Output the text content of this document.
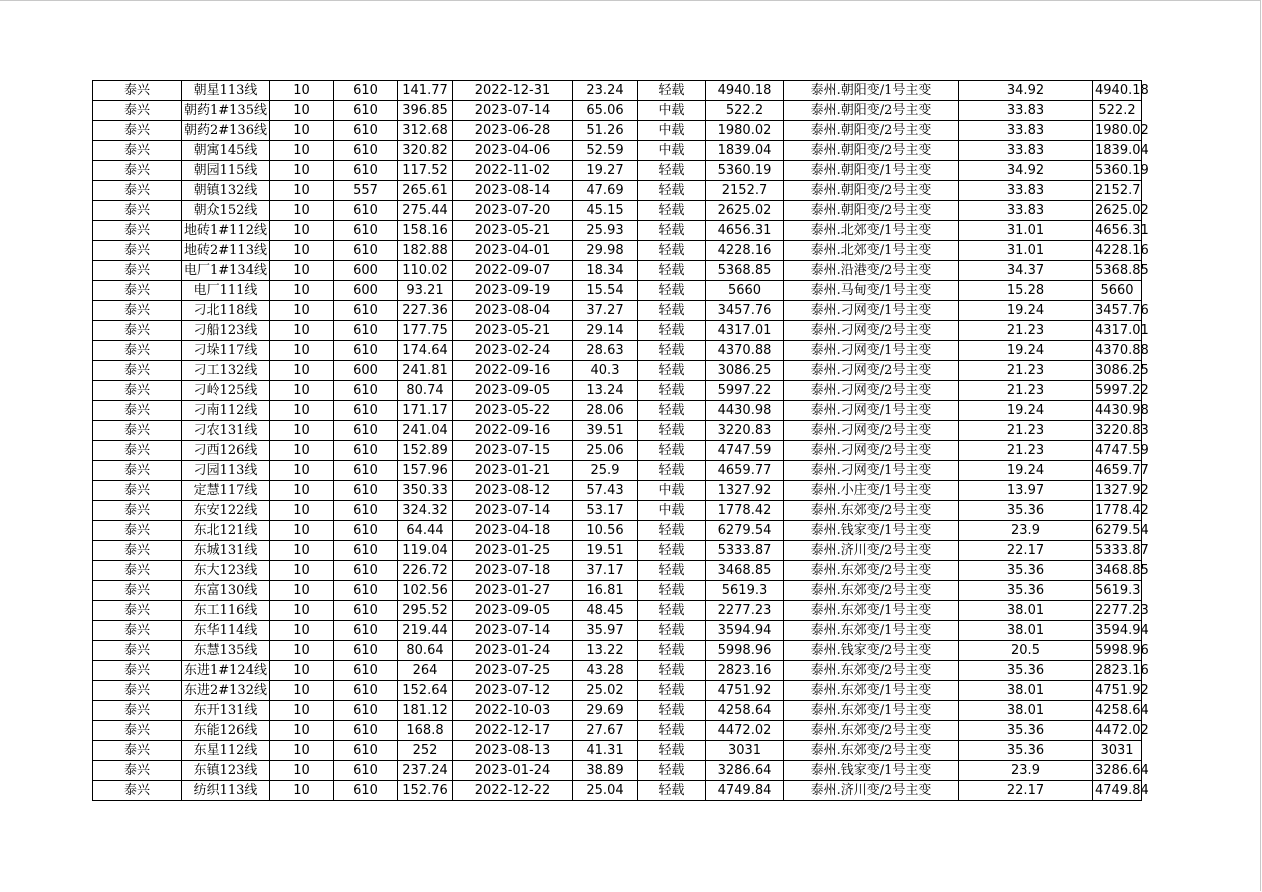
泰兴	朝星113线	10	610	141.77	2022-12-31	23.24	轻载	4940.18	泰州.朝阳变/1号主变	34.92	4940.18
泰兴	朝药1#135线	10	610	396.85	2023-07-14	65.06	中载	522.2	泰州.朝阳变/2号主变	33.83	522.2
泰兴	朝药2#136线	10	610	312.68	2023-06-28	51.26	中载	1980.02	泰州.朝阳变/2号主变	33.83	1980.02
泰兴	朝寓145线	10	610	320.82	2023-04-06	52.59	中载	1839.04	泰州.朝阳变/2号主变	33.83	1839.04
泰兴	朝园115线	10	610	117.52	2022-11-02	19.27	轻载	5360.19	泰州.朝阳变/1号主变	34.92	5360.19
泰兴	朝镇132线	10	557	265.61	2023-08-14	47.69	轻载	2152.7	泰州.朝阳变/2号主变	33.83	2152.7
泰兴	朝众152线	10	610	275.44	2023-07-20	45.15	轻载	2625.02	泰州.朝阳变/2号主变	33.83	2625.02
泰兴	地砖1#112线	10	610	158.16	2023-05-21	25.93	轻载	4656.31	泰州.北郊变/1号主变	31.01	4656.31
泰兴	地砖2#113线	10	610	182.88	2023-04-01	29.98	轻载	4228.16	泰州.北郊变/1号主变	31.01	4228.16
泰兴	电厂1#134线	10	600	110.02	2022-09-07	18.34	轻载	5368.85	泰州.沿港变/2号主变	34.37	5368.85
泰兴	电厂111线	10	600	93.21	2023-09-19	15.54	轻载	5660	泰州.马甸变/1号主变	15.28	5660
泰兴	刁北118线	10	610	227.36	2023-08-04	37.27	轻载	3457.76	泰州.刁网变/1号主变	19.24	3457.76
泰兴	刁船123线	10	610	177.75	2023-05-21	29.14	轻载	4317.01	泰州.刁网变/2号主变	21.23	4317.01
泰兴	刁垛117线	10	610	174.64	2023-02-24	28.63	轻载	4370.88	泰州.刁网变/1号主变	19.24	4370.88
泰兴	刁工132线	10	600	241.81	2022-09-16	40.3	轻载	3086.25	泰州.刁网变/2号主变	21.23	3086.25
泰兴	刁岭125线	10	610	80.74	2023-09-05	13.24	轻载	5997.22	泰州.刁网变/2号主变	21.23	5997.22
泰兴	刁南112线	10	610	171.17	2023-05-22	28.06	轻载	4430.98	泰州.刁网变/1号主变	19.24	4430.98
泰兴	刁农131线	10	610	241.04	2022-09-16	39.51	轻载	3220.83	泰州.刁网变/2号主变	21.23	3220.83
泰兴	刁西126线	10	610	152.89	2023-07-15	25.06	轻载	4747.59	泰州.刁网变/2号主变	21.23	4747.59
泰兴	刁园113线	10	610	157.96	2023-01-21	25.9	轻载	4659.77	泰州.刁网变/1号主变	19.24	4659.77
泰兴	定慧117线	10	610	350.33	2023-08-12	57.43	中载	1327.92	泰州.小庄变/1号主变	13.97	1327.92
泰兴	东安122线	10	610	324.32	2023-07-14	53.17	中载	1778.42	泰州.东郊变/2号主变	35.36	1778.42
泰兴	东北121线	10	610	64.44	2023-04-18	10.56	轻载	6279.54	泰州.钱家变/1号主变	23.9	6279.54
泰兴	东城131线	10	610	119.04	2023-01-25	19.51	轻载	5333.87	泰州.济川变/2号主变	22.17	5333.87
泰兴	东大123线	10	610	226.72	2023-07-18	37.17	轻载	3468.85	泰州.东郊变/2号主变	35.36	3468.85
泰兴	东富130线	10	610	102.56	2023-01-27	16.81	轻载	5619.3	泰州.东郊变/2号主变	35.36	5619.3
泰兴	东工116线	10	610	295.52	2023-09-05	48.45	轻载	2277.23	泰州.东郊变/1号主变	38.01	2277.23
泰兴	东华114线	10	610	219.44	2023-07-14	35.97	轻载	3594.94	泰州.东郊变/1号主变	38.01	3594.94
泰兴	东慧135线	10	610	80.64	2023-01-24	13.22	轻载	5998.96	泰州.钱家变/2号主变	20.5	5998.96
泰兴	东进1#124线	10	610	264	2023-07-25	43.28	轻载	2823.16	泰州.东郊变/2号主变	35.36	2823.16
泰兴	东进2#132线	10	610	152.64	2023-07-12	25.02	轻载	4751.92	泰州.东郊变/1号主变	38.01	4751.92
泰兴	东开131线	10	610	181.12	2022-10-03	29.69	轻载	4258.64	泰州.东郊变/1号主变	38.01	4258.64
泰兴	东能126线	10	610	168.8	2022-12-17	27.67	轻载	4472.02	泰州.东郊变/2号主变	35.36	4472.02
泰兴	东星112线	10	610	252	2023-08-13	41.31	轻载	3031	泰州.东郊变/2号主变	35.36	3031
泰兴	东镇123线	10	610	237.24	2023-01-24	38.89	轻载	3286.64	泰州.钱家变/1号主变	23.9	3286.64
泰兴	纺织113线	10	610	152.76	2022-12-22	25.04	轻载	4749.84	泰州.济川变/2号主变	22.17	4749.84
